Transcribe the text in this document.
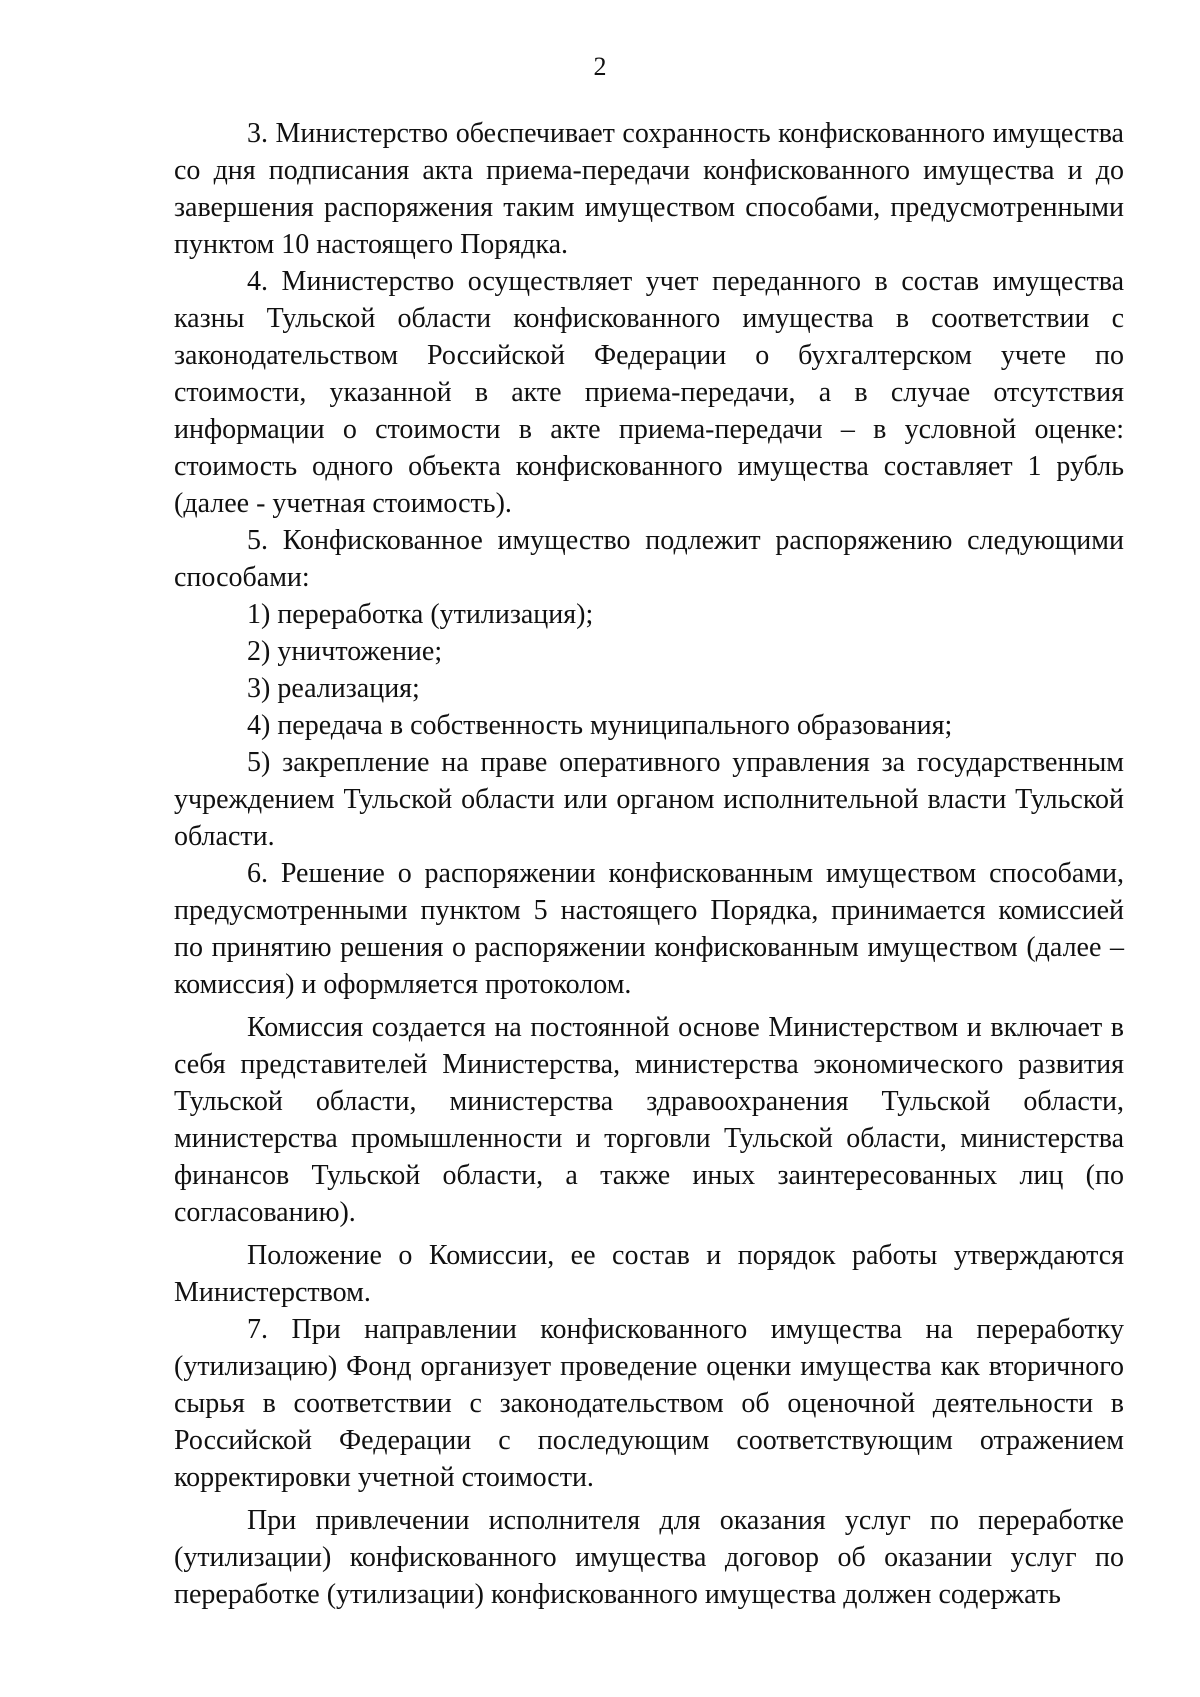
2

3. Министерство обеспечивает сохранность конфискованного имущества со дня подписания акта приема-передачи конфискованного имущества и до завершения распоряжения таким имуществом способами, предусмотренными пунктом 10 настоящего Порядка.

4. Министерство осуществляет учет переданного в состав имущества казны Тульской области конфискованного имущества в соответствии с законодательством Российской Федерации о бухгалтерском учете по стоимости, указанной в акте приема-передачи, а в случае отсутствия информации о стоимости в акте приема-передачи – в условной оценке: стоимость одного объекта конфискованного имущества составляет 1 рубль (далее - учетная стоимость).

5. Конфискованное имущество подлежит распоряжению следующими способами:

1) переработка (утилизация);

2) уничтожение;

3) реализация;

4) передача в собственность муниципального образования;

5) закрепление на праве оперативного управления за государственным учреждением Тульской области или органом исполнительной власти Тульской области.

6. Решение о распоряжении конфискованным имуществом способами, предусмотренными пунктом 5 настоящего Порядка, принимается комиссией по принятию решения о распоряжении конфискованным имуществом (далее – комиссия) и оформляется протоколом.

Комиссия создается на постоянной основе Министерством и включает в себя представителей Министерства, министерства экономического развития Тульской области, министерства здравоохранения Тульской области, министерства промышленности и торговли Тульской области, министерства финансов Тульской области, а также иных заинтересованных лиц (по согласованию).

Положение о Комиссии, ее состав и порядок работы утверждаются Министерством.

7. При направлении конфискованного имущества на переработку (утилизацию) Фонд организует проведение оценки имущества как вторичного сырья в соответствии с законодательством об оценочной деятельности в Российской Федерации с последующим соответствующим отражением корректировки учетной стоимости.

При привлечении исполнителя для оказания услуг по переработке (утилизации) конфискованного имущества договор об оказании услуг по переработке (утилизации) конфискованного имущества должен содержать
